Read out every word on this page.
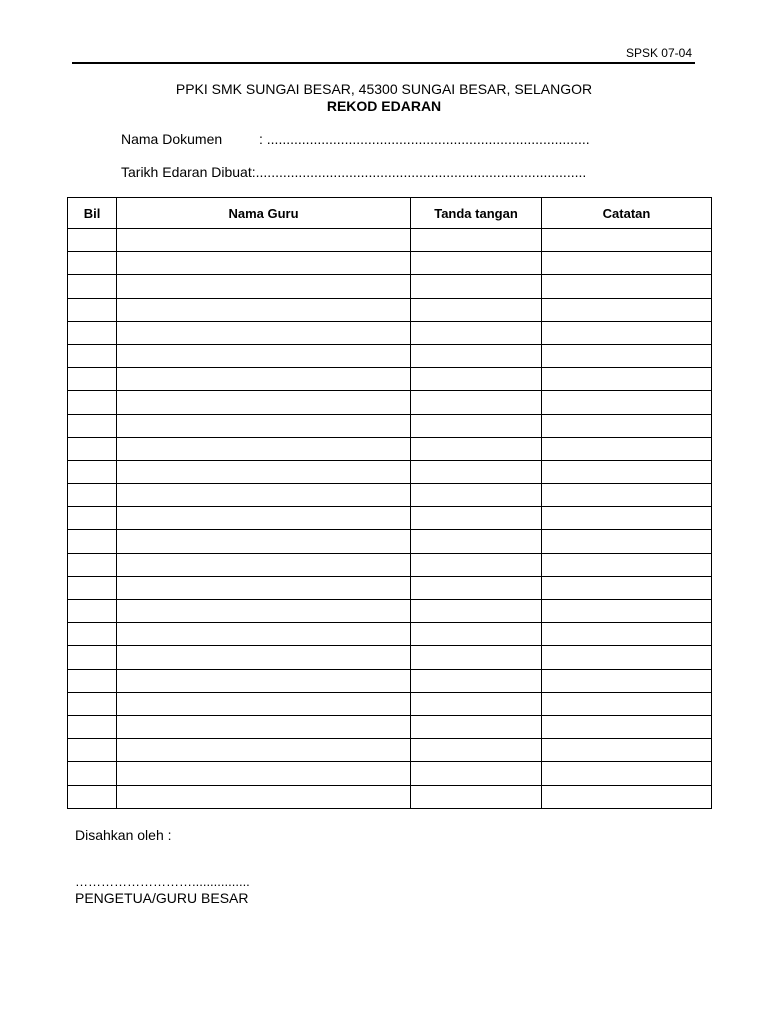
SPSK 07-04
PPKI SMK SUNGAI BESAR, 45300 SUNGAI BESAR, SELANGOR
REKOD EDARAN
Nama Dokumen	: ...................................................................................
Tarikh Edaran Dibuat:.....................................................................................
Bil	Nama Guru	Tanda tangan	Catatan

Disahkan oleh :
………………………................
PENGETUA/GURU BESAR
